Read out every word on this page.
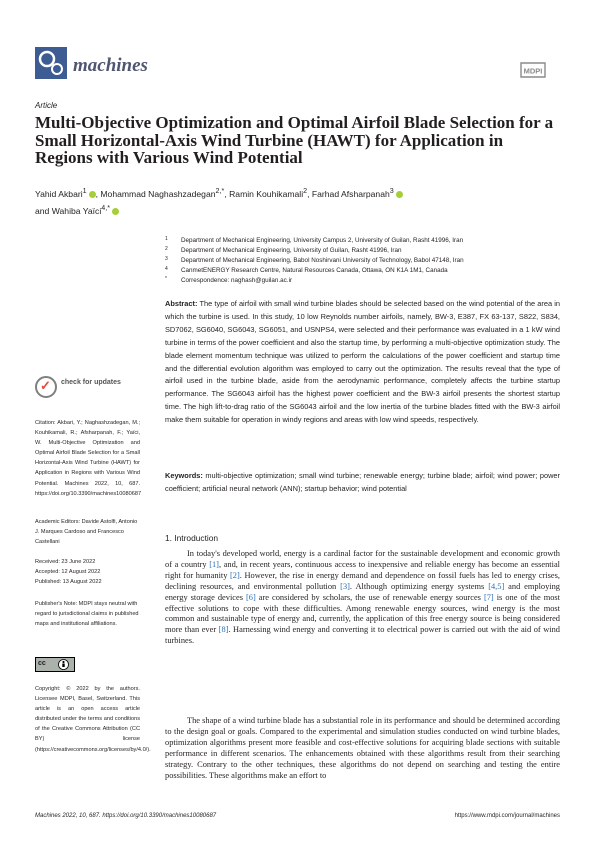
machines	MDPI
Article
Multi-Objective Optimization and Optimal Airfoil Blade Selection for a Small Horizontal-Axis Wind Turbine (HAWT) for Application in Regions with Various Wind Potential
Yahid Akbari$^1$ , Mohammad Naghashzadegan$^{2,*}$, Ramin Kouhikamali$^2$, Farhad Afsharpanah$^3$
and Wahiba Yaïci$^{4,*}$
1 Department of Mechanical Engineering, University Campus 2, University of Guilan, Rasht 41996, Iran
2 Department of Mechanical Engineering, University of Guilan, Rasht 41996, Iran
3 Department of Mechanical Engineering, Babol Noshirvani University of Technology, Babol 47148, Iran
4 CanmetENERGY Research Centre, Natural Resources Canada, Ottawa, ON K1A 1M1, Canada
* Correspondence: naghash@guilan.ac.ir

Abstract: The type of airfoil with small wind turbine blades should be selected based on the wind potential of the area in which the turbine is used. In this study, 10 low Reynolds number airfoils, namely, BW-3, E387, FX 63-137, S822, S834, SD7062, SG6040, SG6043, SG6051, and USNPS4, were selected and their performance was evaluated in a 1 kW wind turbine in terms of the power coefficient and also the startup time, by performing a multi-objective optimization study. The blade element momentum technique was utilized to perform the calculations of the power coefficient and startup time and the differential evolution algorithm was employed to carry out the optimization. The results reveal that the type of airfoil used in the turbine blade, aside from the aerodynamic performance, completely affects the turbine startup performance. The SG6043 airfoil has the highest power coefficient and the BW-3 airfoil presents the shortest startup time. The high lift-to-drag ratio of the SG6043 airfoil and the low inertia of the turbine blades fitted with the BW-3 airfoil make them suitable for operation in windy regions and areas with low wind speeds, respectively.

Keywords: multi-objective optimization; small wind turbine; renewable energy; turbine blade; airfoil; wind power; power coefficient; artificial neural network (ANN); startup behavior; wind potential

✓ check for updates
Citation: Akbari, Y.; Naghashzadegan, M.; Kouhikamali, R.; Afsharpanah, F.; Yaïci, W. Multi-Objective Optimization and Optimal Airfoil Blade Selection for a Small Horizontal-Axis Wind Turbine (HAWT) for Application in Regions with Various Wind Potential. Machines 2022, 10, 687. https://doi.org/10.3390/machines10080687
Academic Editors: Davide Astolfi, Antonio J. Marques Cardoso and Francesco Castellani
Received: 23 June 2022
Accepted: 12 August 2022
Published: 13 August 2022
Publisher's Note: MDPI stays neutral with regard to jurisdictional claims in published maps and institutional affiliations.
cc
Copyright: © 2022 by the authors. Licensee MDPI, Basel, Switzerland. This article is an open access article distributed under the terms and conditions of the Creative Commons Attribution (CC BY) license (https://creativecommons.org/licenses/by/4.0/).
1. Introduction

In today's developed world, energy is a cardinal factor for the sustainable development and economic growth of a country [1], and, in recent years, continuous access to inexpensive and reliable energy has become an essential right for humanity [2]. However, the rise in energy demand and dependence on fossil fuels has led to energy crises, declining resources, and environmental pollution [3]. Although optimizing energy systems [4,5] and employing energy storage devices [6] are considered by scholars, the use of renewable energy sources [7] is one of the most effective solutions to cope with these difficulties. Among renewable energy sources, wind energy is the most common and sustainable type of energy and, currently, the application of this free energy source is being considered more than ever [8]. Harnessing wind energy and converting it to electrical power is carried out with the aid of wind turbines.

The shape of a wind turbine blade has a substantial role in its performance and should be determined according to the design goal or goals. Compared to the experimental and simulation studies conducted on wind turbine blades, optimization algorithms present more feasible and cost-effective solutions for acquiring blade sections with suitable performance in different scenarios. The enhancements obtained with these algorithms result from their searching strategy. Contrary to the other techniques, these algorithms do not depend on searching and testing the entire possibilities. These algorithms make an effort to

Machines 2022, 10, 687. https://doi.org/10.3390/machines10080687	https://www.mdpi.com/journal/machines
